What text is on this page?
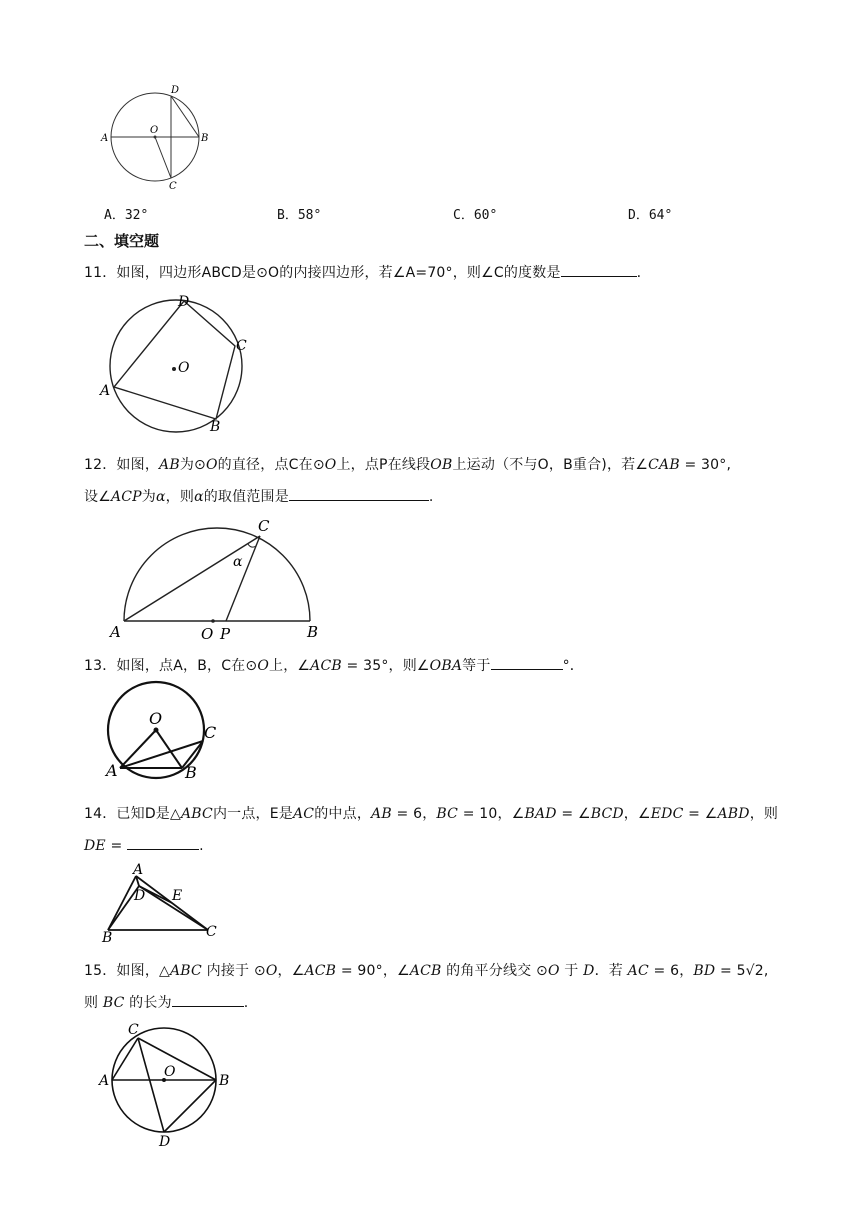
A
O
B
D
C
A．32°	B．58°	C．60°	D．64°
二、填空题
11．如图，四边形ABCD是⊙O的内接四边形，若∠A=70°，则∠C的度数是	.
D
C
O
A
B
12．如图，AB为⊙O的直径，点C在⊙O上，点P在线段OB上运动（不与O，B重合)，若∠CAB = 30°,
设∠ACP为α，则α的取值范围是	.
C
α
A	O P	B
13．如图，点A，B，C在⊙O上，∠ACB = 35°，则∠OBA等于	°．
O
C
A	B
14．已知D是△ABC内一点，E是AC的中点，AB = 6，BC = 10，∠BAD = ∠BCD，∠EDC = ∠ABD，则
DE =	.
A
D E
B	C
15．如图，△ABC 内接于 ⊙O，∠ACB = 90°，∠ACB 的角平分线交 ⊙O 于 D．若 AC = 6，BD = 5√2,
则 BC 的长为	.
C
O
A	B
D
